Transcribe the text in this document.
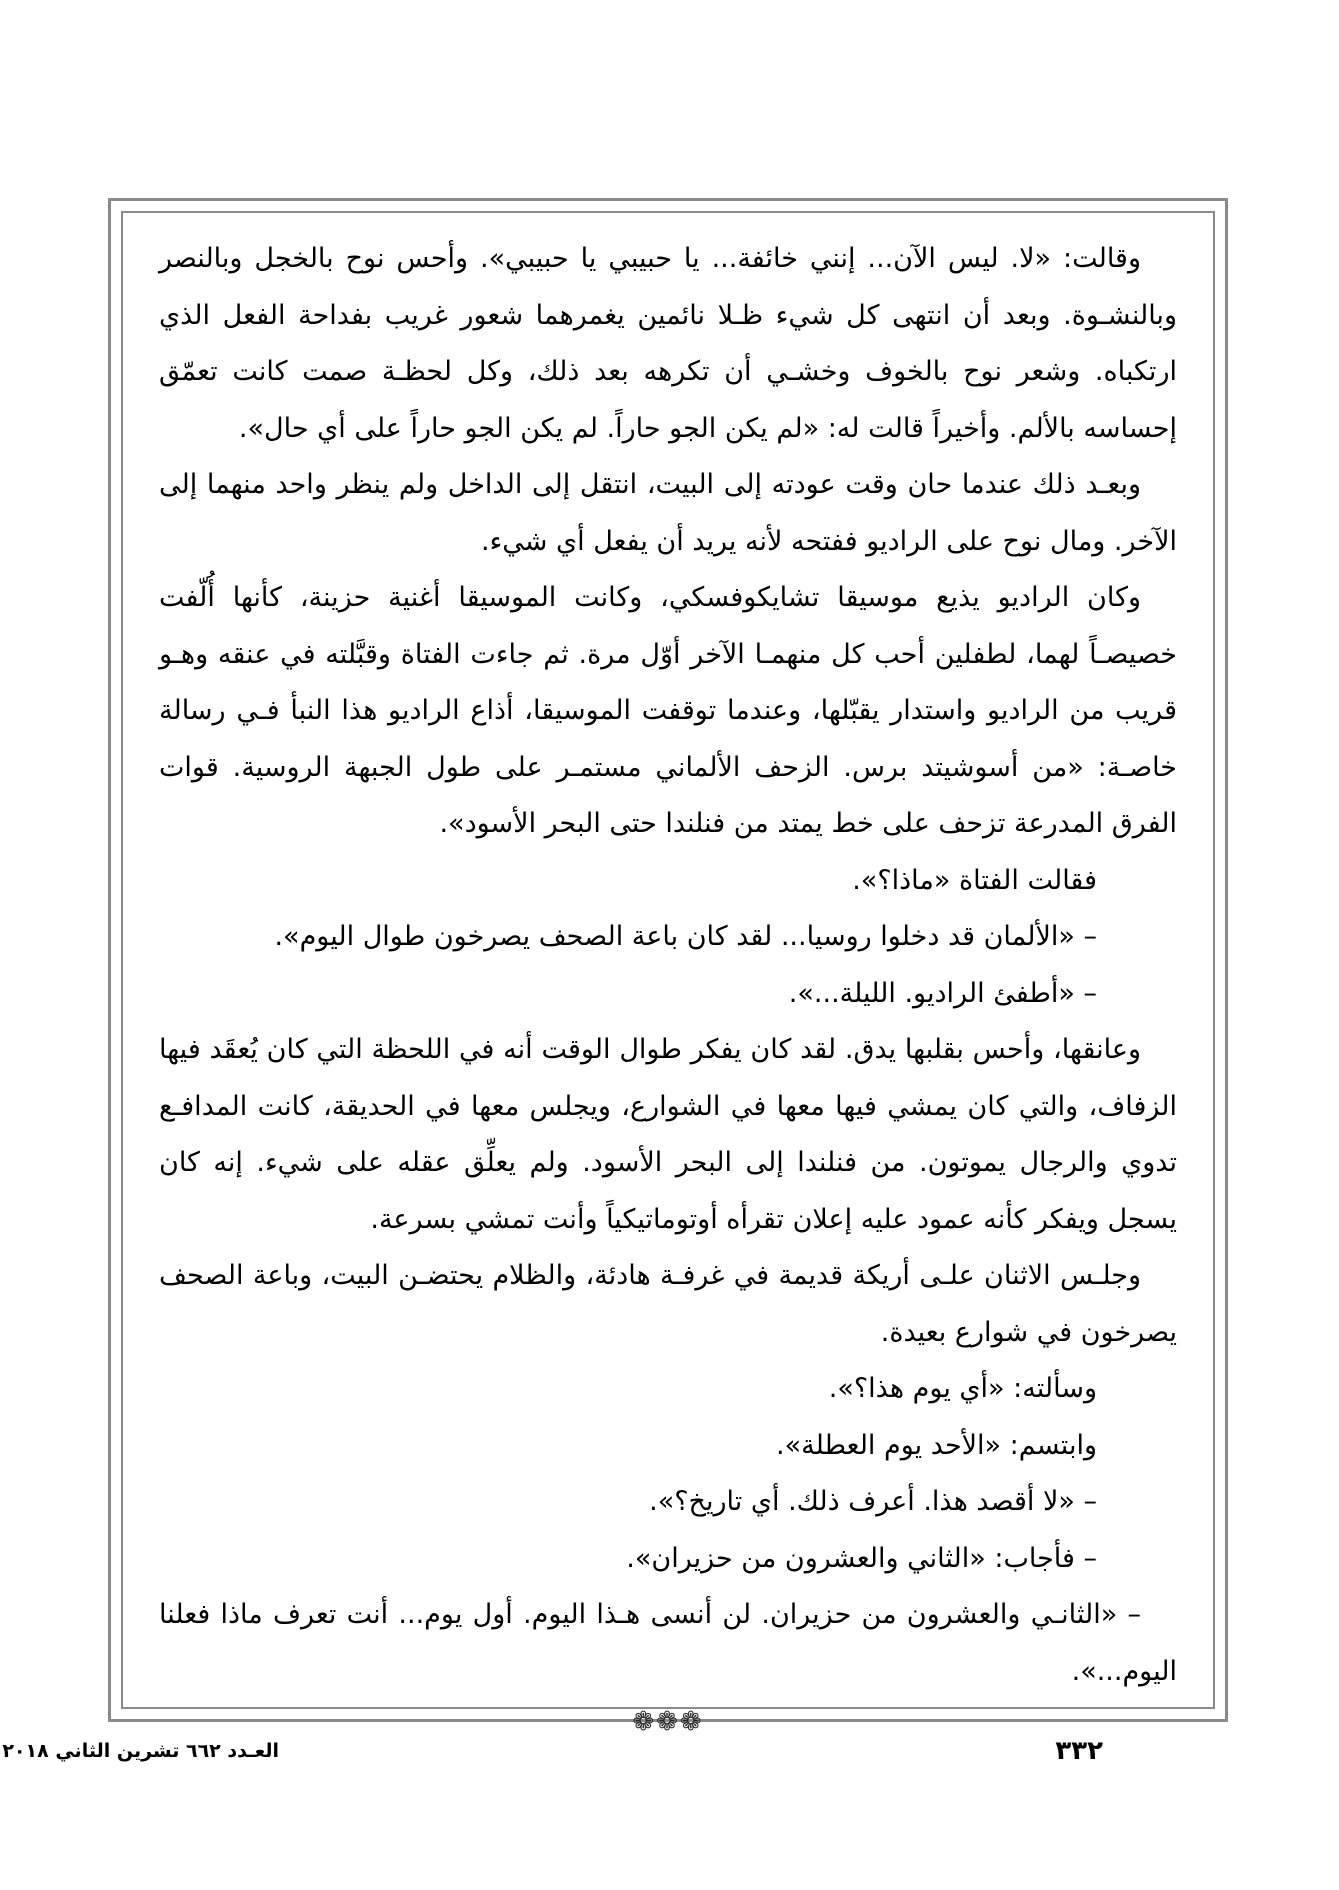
وقالت: «لا. ليس الآن... إنني خائفة... يا حبيبي يا حبيبي». وأحس نوح بالخجل وبالنصر وبالنشـوة. وبعد أن انتهى كل شيء ظـلا نائمين يغمرهما شعور غريب بفداحة الفعل الذي ارتكباه. وشعر نوح بالخوف وخشـي أن تكرهه بعد ذلك، وكل لحظـة صمت كانت تعمّق إحساسه بالألم. وأخيراً قالت له: «لم يكن الجو حاراً. لم يكن الجو حاراً على أي حال».

وبعـد ذلك عندما حان وقت عودته إلى البيت، انتقل إلى الداخل ولم ينظر واحد منهما إلى الآخر. ومال نوح على الراديو ففتحه لأنه يريد أن يفعل أي شيء.

وكان الراديو يذيع موسيقا تشايكوفسكي، وكانت الموسيقا أغنية حزينة، كأنها أُلّفت خصيصـاً لهما، لطفلين أحب كل منهمـا الآخر أوّل مرة. ثم جاءت الفتاة وقبَّلته في عنقه وهـو قريب من الراديو واستدار يقبّلها، وعندما توقفت الموسيقا، أذاع الراديو هذا النبأ فـي رسالة خاصـة: «من أسوشيتد برس. الزحف الألماني مستمـر على طول الجبهة الروسية. قوات الفرق المدرعة تزحف على خط يمتد من فنلندا حتى البحر الأسود».

فقالت الفتاة «ماذا؟».

– «الألمان قد دخلوا روسيا... لقد كان باعة الصحف يصرخون طوال اليوم».

– «أطفئ الراديو. الليلة...».

وعانقها، وأحس بقلبها يدق. لقد كان يفكر طوال الوقت أنه في اللحظة التي كان يُعقَد فيها الزفاف، والتي كان يمشي فيها معها في الشوارع، ويجلس معها في الحديقة، كانت المدافـع تدوي والرجال يموتون. من فنلندا إلى البحر الأسود. ولم يعلِّق عقله على شيء. إنه كان يسجل ويفكر كأنه عمود عليه إعلان تقرأه أوتوماتيكياً وأنت تمشي بسرعة.

وجلـس الاثنان علـى أريكة قديمة في غرفـة هادئة، والظلام يحتضـن البيت، وباعة الصحف يصرخون في شوارع بعيدة.

وسألته: «أي يوم هذا؟».

وابتسم: «الأحد يوم العطلة».

– «لا أقصد هذا. أعرف ذلك. أي تاريخ؟».

– فأجاب: «الثاني والعشرون من حزيران».

– «الثانـي والعشرون من حزيران. لن أنسى هـذا اليوم. أول يوم... أنت تعرف ماذا فعلنا اليوم...».

❁❁❁
العـدد ٦٦٢ تشرين الثاني ٢٠١٨	٣٣٢
